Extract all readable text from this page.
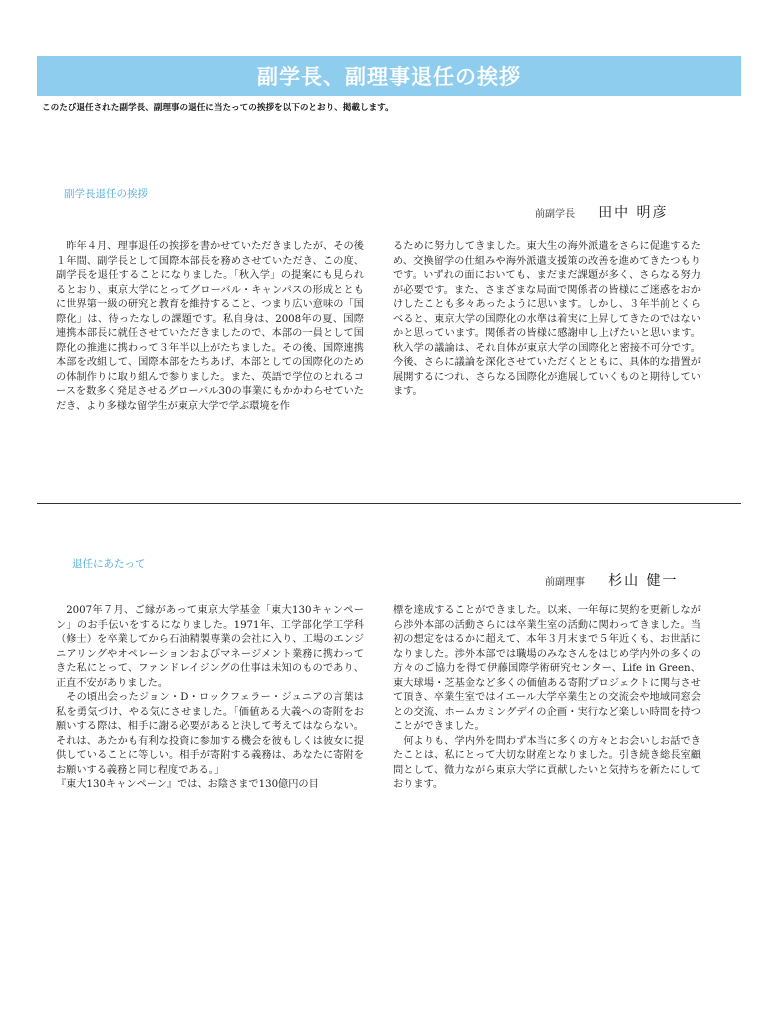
副学長、副理事退任の挨拶
このたび退任された副学長、副理事の退任に当たっての挨拶を以下のとおり、掲載します。
副学長退任の挨拶
前副学長 田中 明彦

昨年４月、理事退任の挨拶を書かせていただきましたが、その後１年間、副学長として国際本部長を務めさせていただき、この度、副学長を退任することになりました。「秋入学」の提案にも見られるとおり、東京大学にとってグローバル・キャンパスの形成とともに世界第一級の研究と教育を維持すること、つまり広い意味の「国際化」は、待ったなしの課題です。私自身は、2008年の夏、国際連携本部長に就任させていただきましたので、本部の一員として国際化の推進に携わって３年半以上がたちました。その後、国際連携本部を改組して、国際本部をたちあげ、本部としての国際化のための体制作りに取り組んで参りました。また、英語で学位のとれるコースを数多く発足させるグローバル30の事業にもかかわらせていただき、より多様な留学生が東京大学で学ぶ環境を作

るために努力してきました。東大生の海外派遣をさらに促進するため、交換留学の仕組みや海外派遣支援策の改善を進めてきたつもりです。いずれの面においても、まだまだ課題が多く、さらなる努力が必要です。また、さまざまな局面で関係者の皆様にご迷惑をおかけしたことも多々あったように思います。しかし、３年半前とくらべると、東京大学の国際化の水準は着実に上昇してきたのではないかと思っています。関係者の皆様に感謝申し上げたいと思います。秋入学の議論は、それ自体が東京大学の国際化と密接不可分です。今後、さらに議論を深化させていただくとともに、具体的な措置が展開するにつれ、さらなる国際化が進展していくものと期待しています。

退任にあたって
前副理事 杉山 健一

2007年７月、ご縁があって東京大学基金「東大130キャンペーン」のお手伝いをするになりました。1971年、工学部化学工学科（修士）を卒業してから石油精製専業の会社に入り、工場のエンジニアリングやオペレーションおよびマネージメント業務に携わってきた私にとって、ファンドレイジングの仕事は未知のものであり、正直不安がありました。

その頃出会ったジョン・D・ロックフェラー・ジュニアの言葉は私を勇気づけ、やる気にさせました。「価値ある大義への寄附をお願いする際は、相手に謝る必要があると決して考えてはならない。それは、あたかも有利な投資に参加する機会を彼もしくは彼女に提供していることに等しい。相手が寄附する義務は、あなたに寄附をお願いする義務と同じ程度である。」

『東大130キャンペーン』では、お陰さまで130億円の目

標を達成することができました。以来、一年毎に契約を更新しながら渉外本部の活動さらには卒業生室の活動に関わってきました。当初の想定をはるかに超えて、本年３月末まで５年近くも、お世話になりました。渉外本部では職場のみなさんをはじめ学内外の多くの方々のご協力を得て伊藤国際学術研究センター、Life in Green、東大球場・芝基金など多くの価値ある寄附プロジェクトに関与させて頂き、卒業生室ではイエール大学卒業生との交流会や地域同窓会との交流、ホームカミングデイの企画・実行など楽しい時間を持つことができました。

何よりも、学内外を問わず本当に多くの方々とお会いしお話できたことは、私にとって大切な財産となりました。引き続き総長室顧問として、微力ながら東京大学に貢献したいと気持ちを新たにしております。
